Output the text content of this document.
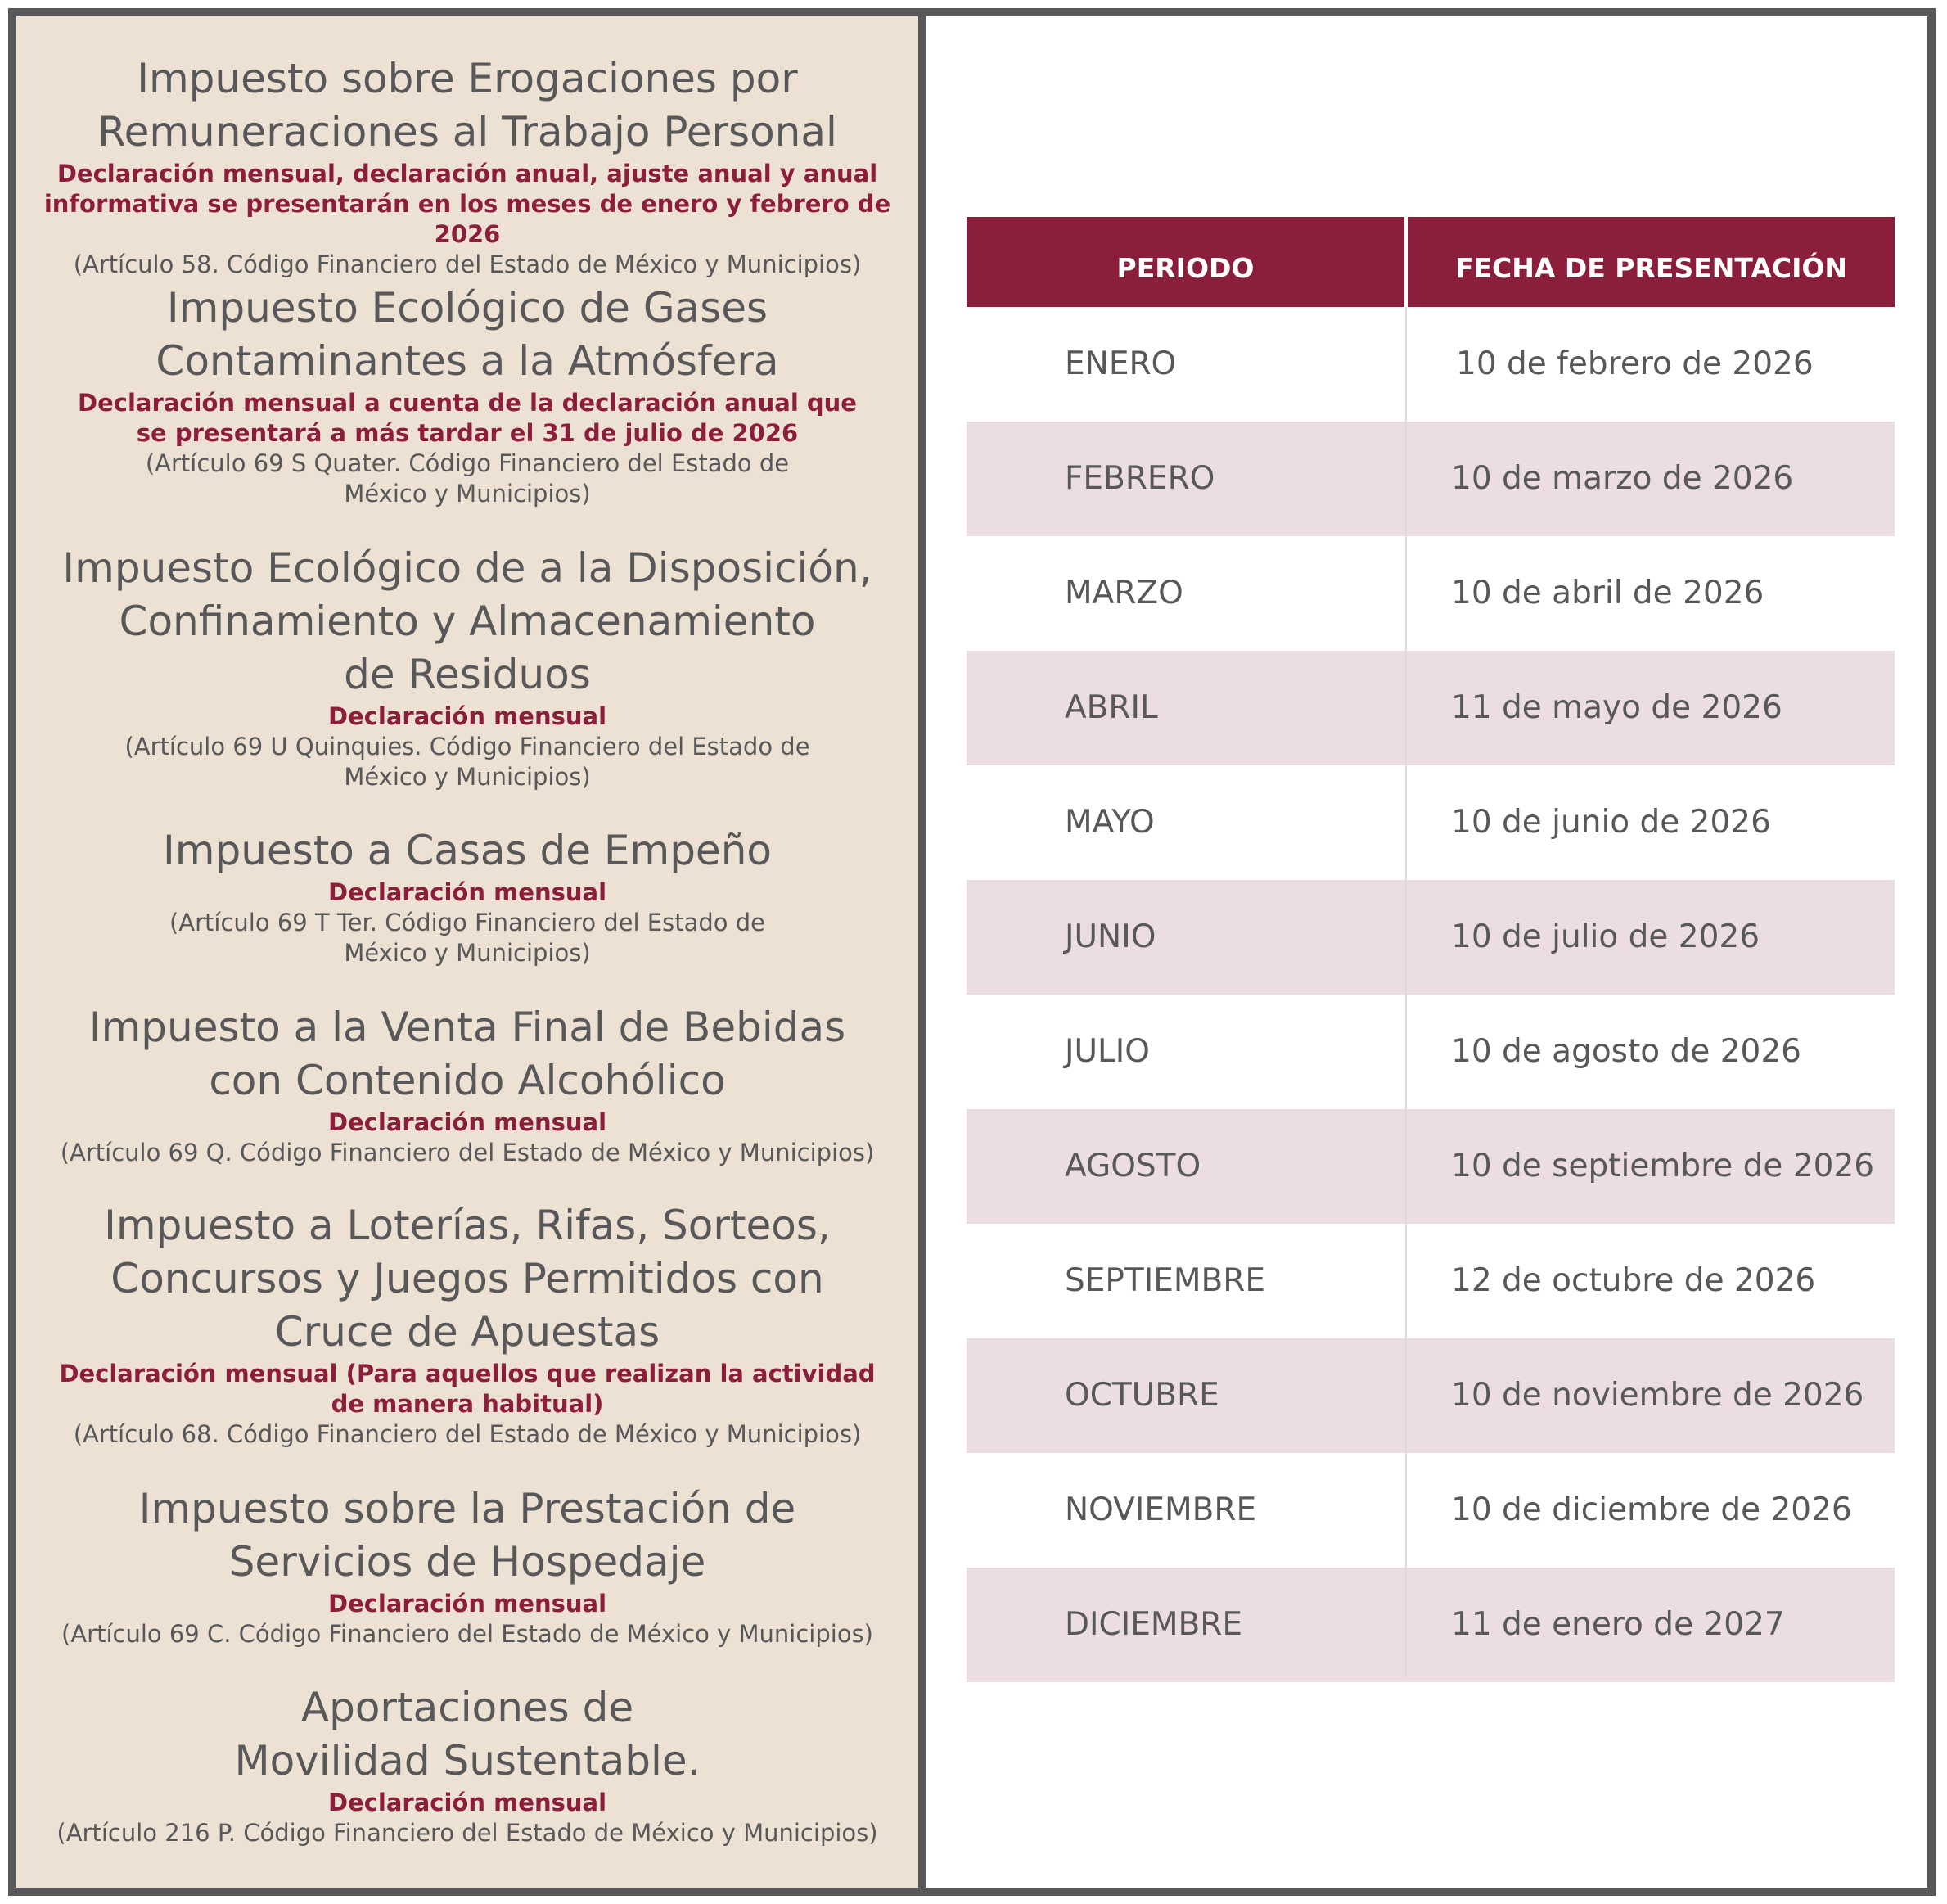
Impuesto sobre Erogaciones por
Remuneraciones al Trabajo Personal
Declaración mensual, declaración anual, ajuste anual y anual
informativa se presentarán en los meses de enero y febrero de 2026
(Artículo 58. Código Financiero del Estado de México y Municipios)
Impuesto Ecológico de Gases
Contaminantes a la Atmósfera
Declaración mensual a cuenta de la declaración anual que
se presentará a más tardar el 31 de julio de 2026
(Artículo 69 S Quater. Código Financiero del Estado de
México y Municipios)
Impuesto Ecológico de a la Disposición,
Confinamiento y Almacenamiento
de Residuos
Declaración mensual
(Artículo 69 U Quinquies. Código Financiero del Estado de
México y Municipios)
Impuesto a Casas de Empeño
Declaración mensual
(Artículo 69 T Ter. Código Financiero del Estado de
México y Municipios)
Impuesto a la Venta Final de Bebidas
con Contenido Alcohólico
Declaración mensual
(Artículo 69 Q. Código Financiero del Estado de México y Municipios)
Impuesto a Loterías, Rifas, Sorteos,
Concursos y Juegos Permitidos con
Cruce de Apuestas
Declaración mensual (Para aquellos que realizan la actividad
de manera habitual)
(Artículo 68. Código Financiero del Estado de México y Municipios)
Impuesto sobre la Prestación de
Servicios de Hospedaje
Declaración mensual
(Artículo 69 C. Código Financiero del Estado de México y Municipios)
Aportaciones de
Movilidad Sustentable.
Declaración mensual
(Artículo 216 P. Código Financiero del Estado de México y Municipios)
PERIODO	FECHA DE PRESENTACIÓN
ENERO	10 de febrero de 2026
FEBRERO	10 de marzo de 2026
MARZO	10 de abril de 2026
ABRIL	11 de mayo de 2026
MAYO	10 de junio de 2026
JUNIO	10 de julio de 2026
JULIO	10 de agosto de 2026
AGOSTO	10 de septiembre de 2026
SEPTIEMBRE	12 de octubre de 2026
OCTUBRE	10 de noviembre de 2026
NOVIEMBRE	10 de diciembre de 2026
DICIEMBRE	11 de enero de 2027
